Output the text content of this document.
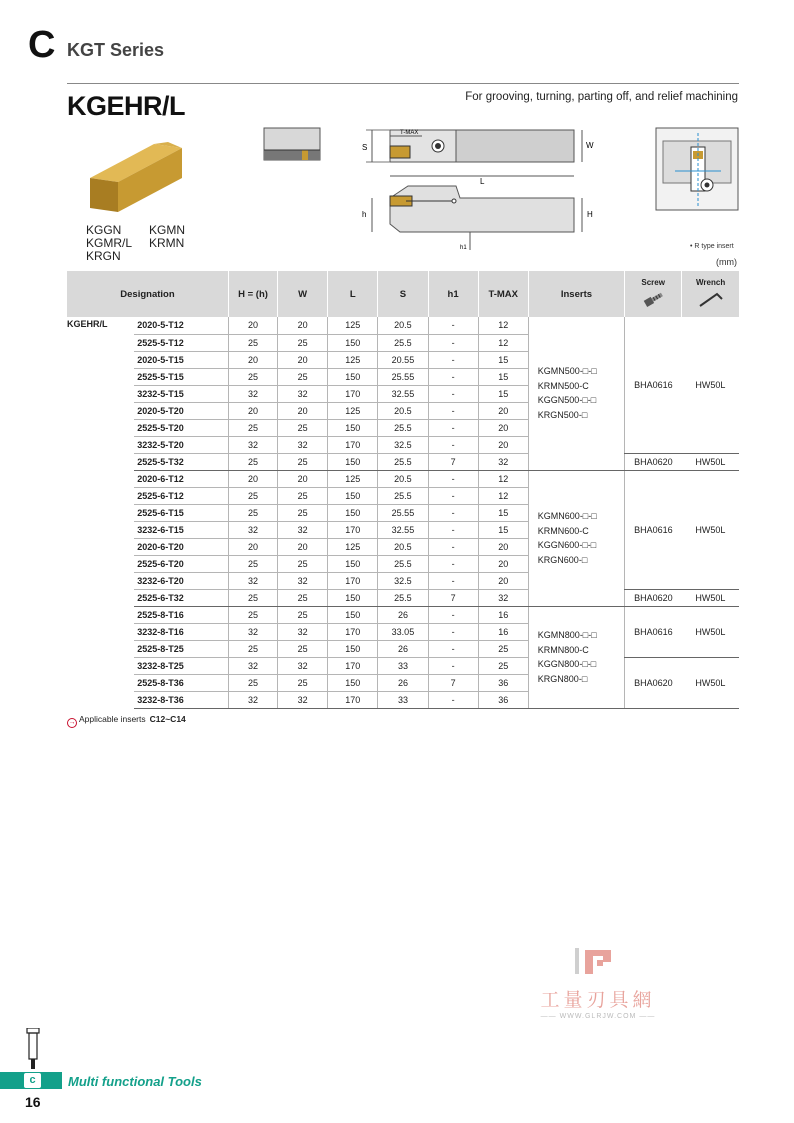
C KGT Series
KGEHR/L	For grooving, turning, parting off, and relief machining
KGGN
KGMR/L
KRGN
KGMN
KRMN
S	W
T-MAX
L
h	H
h1	• R type insert
(mm)
Designation		H = (h)	W	L	S	h1	T-MAX	Inserts	Screw	Wrench

KGEHR/L	2020-5-T12	20	20	125	20.5	-	12	KGMN500-□-□
KRMN500-C
KGGN500-□-□
KRGN500-□	BHA0616	HW50L
	2525-5-T12	25	25	150	25.5	-	12			
	2020-5-T15	20	20	125	20.55	-	15			
	2525-5-T15	25	25	150	25.55	-	15			
	3232-5-T15	32	32	170	32.55	-	15			
	2020-5-T20	20	20	125	20.5	-	20			
	2525-5-T20	25	25	150	25.5	-	20			
	3232-5-T20	32	32	170	32.5	-	20			
	2525-5-T32	25	25	150	25.5	7	32		BHA0620	HW50L
	2020-6-T12	20	20	125	20.5	-	12	KGMN600-□-□
KRMN600-C
KGGN600-□-□
KRGN600-□	BHA0616	HW50L
	2525-6-T12	25	25	150	25.5	-	12			
	2525-6-T15	25	25	150	25.55	-	15			
	3232-6-T15	32	32	170	32.55	-	15			
	2020-6-T20	20	20	125	20.5	-	20			
	2525-6-T20	25	25	150	25.5	-	20			
	3232-6-T20	32	32	170	32.5	-	20			
	2525-6-T32	25	25	150	25.5	7	32		BHA0620	HW50L
	2525-8-T16	25	25	150	26	-	16	KGMN800-□-□
KRMN800-C
KGGN800-□-□
KRGN800-□	BHA0616	HW50L
	3232-8-T16	32	32	170	33.05	-	16			
	2525-8-T25	25	25	150	26	-	25			
	3232-8-T25	32	32	170	33	-	25		BHA0620	HW50L
	2525-8-T36	25	25	150	26	7	36			
	3232-8-T36	32	32	170	33	-	36			
→ Applicable inserts C12~C14
工量刃具網
—— WWW.GLRJW.COM ——
c	Multi functional Tools
16
